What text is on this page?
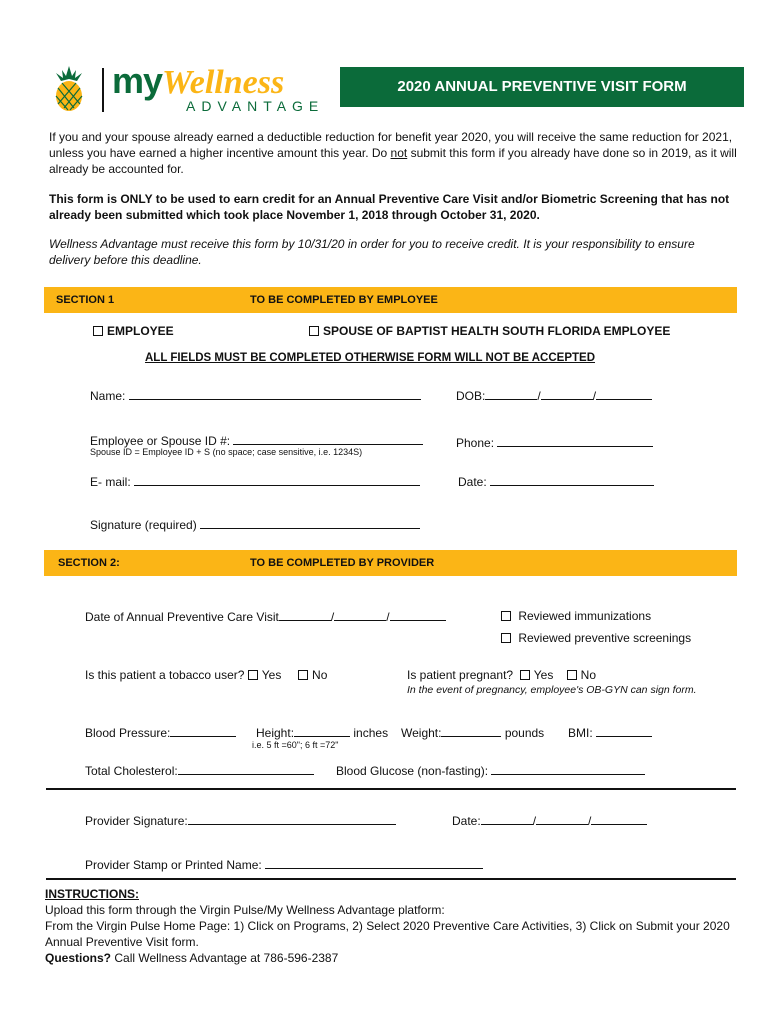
myWellness
ADVANTAGE
2020 ANNUAL PREVENTIVE VISIT FORM
If you and your spouse already earned a deductible reduction for benefit year 2020, you will receive the same reduction for 2021, unless you have earned a higher incentive amount this year. Do not submit this form if you already have done so in 2019, as it will already be accounted for.
This form is ONLY to be used to earn credit for an Annual Preventive Care Visit and/or Biometric Screening that has not already been submitted which took place November 1, 2018 through October 31, 2020.
Wellness Advantage must receive this form by 10/31/20 in order for you to receive credit. It is your responsibility to ensure delivery before this deadline.
SECTION 1	TO BE COMPLETED BY EMPLOYEE
EMPLOYEE	SPOUSE OF BAPTIST HEALTH SOUTH FLORIDA EMPLOYEE
ALL FIELDS MUST BE COMPLETED OTHERWISE FORM WILL NOT BE ACCEPTED
Name:	DOB:	/	/
Employee or Spouse ID #:
Spouse ID = Employee ID + S (no space; case sensitive, i.e. 1234S)
Phone:
E- mail:	Date:
Signature (required)
SECTION 2:	TO BE COMPLETED BY PROVIDER
Date of Annual Preventive Care Visit	/	/	Reviewed immunizations
Reviewed preventive screenings
Is this patient a tobacco user? Yes	No	Is patient pregnant? Yes No
In the event of pregnancy, employee's OB-GYN can sign form.
Blood Pressure:	Height:	inches Weight:	pounds BMI:
i.e. 5 ft =60"; 6 ft =72"
Total Cholesterol:	Blood Glucose (non-fasting):
Provider Signature:	Date:	/	/
Provider Stamp or Printed Name:
INSTRUCTIONS:
Upload this form through the Virgin Pulse/My Wellness Advantage platform:
From the Virgin Pulse Home Page: 1) Click on Programs, 2) Select 2020 Preventive Care Activities, 3) Click on Submit your 2020 Annual Preventive Visit form.
Questions? Call Wellness Advantage at 786-596-2387
